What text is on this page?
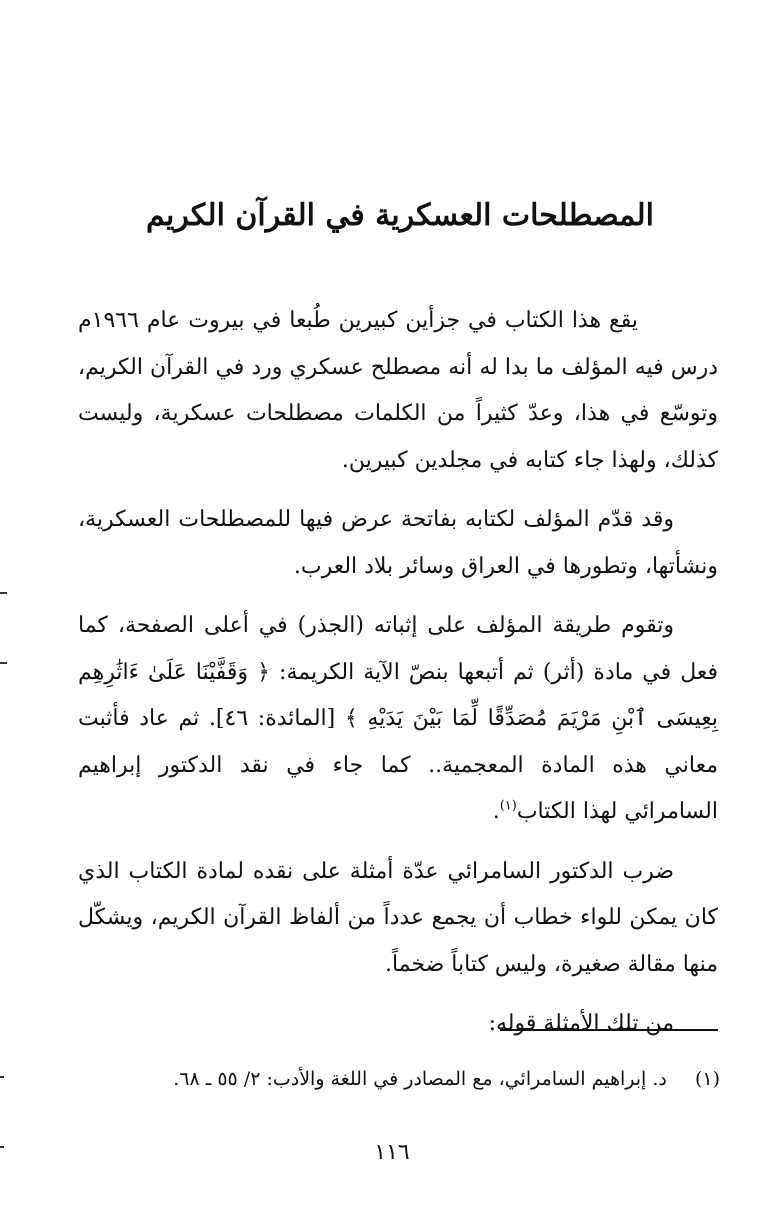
المصطلحات العسكرية في القرآن الكريم

يقع هذا الكتاب في جزأين كبيرين طُبعا في بيروت عام ١٩٦٦م درس فيه المؤلف ما بدا له أنه مصطلح عسكري ورد في القرآن الكريم، وتوسّع في هذا، وعدّ كثيراً من الكلمات مصطلحات عسكرية، وليست كذلك، ولهذا جاء كتابه في مجلدين كبيرين.

وقد قدّم المؤلف لكتابه بفاتحة عرض فيها للمصطلحات العسكرية، ونشأتها، وتطورها في العراق وسائر بلاد العرب.

وتقوم طريقة المؤلف على إثباته (الجذر) في أعلى الصفحة، كما فعل في مادة (أثر) ثم أتبعها بنصّ الآية الكريمة: ﴿ وَقَفَّيْنَا عَلَىٰ ءَاثَٰرِهِم بِعِيسَى ٱبْنِ مَرْيَمَ مُصَدِّقًا لِّمَا بَيْنَ يَدَيْهِ ﴾ [المائدة: ٤٦]. ثم عاد فأثبت معاني هذه المادة المعجمية.. كما جاء في نقد الدكتور إبراهيم السامرائي لهذا الكتاب$^{(١)}$.

ضرب الدكتور السامرائي عدّة أمثلة على نقده لمادة الكتاب الذي كان يمكن للواء خطاب أن يجمع عدداً من ألفاظ القرآن الكريم، ويشكّل منها مقالة صغيرة، وليس كتاباً ضخماً.

من تلك الأمثلة قوله:

(١) د. إبراهيم السامرائي، مع المصادر في اللغة والأدب: ٢/ ٥٥ ـ ٦٨.
١١٦
